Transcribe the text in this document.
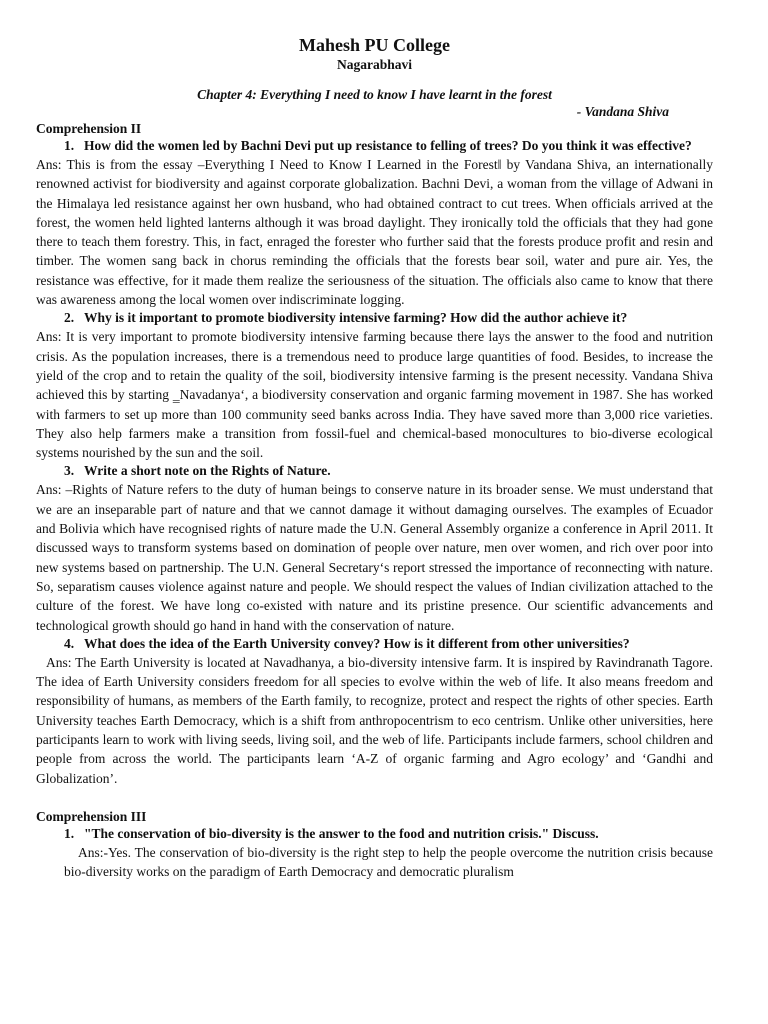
Mahesh PU College

Nagarabhavi

Chapter 4: Everything I need to know I have learnt in the forest

- Vandana Shiva

Comprehension II

1. How did the women led by Bachni Devi put up resistance to felling of trees? Do you think it was effective?

Ans: This is from the essay –Everything I Need to Know I Learned in the Forest‖ by Vandana Shiva, an internationally renowned activist for biodiversity and against corporate globalization. Bachni Devi, a woman from the village of Adwani in the Himalaya led resistance against her own husband, who had obtained contract to cut trees. When officials arrived at the forest, the women held lighted lanterns although it was broad daylight. They ironically told the officials that they had gone there to teach them forestry. This, in fact, enraged the forester who further said that the forests produce profit and resin and timber. The women sang back in chorus reminding the officials that the forests bear soil, water and pure air. Yes, the resistance was effective, for it made them realize the seriousness of the situation. The officials also came to know that there was awareness among the local women over indiscriminate logging.

2. Why is it important to promote biodiversity intensive farming? How did the author achieve it?

Ans: It is very important to promote biodiversity intensive farming because there lays the answer to the food and nutrition crisis. As the population increases, there is a tremendous need to produce large quantities of food. Besides, to increase the yield of the crop and to retain the quality of the soil, biodiversity intensive farming is the present necessity. Vandana Shiva achieved this by starting ‗Navadanya‘, a biodiversity conservation and organic farming movement in 1987. She has worked with farmers to set up more than 100 community seed banks across India. They have saved more than 3,000 rice varieties. They also help farmers make a transition from fossil-fuel and chemical-based monocultures to bio-diverse ecological systems nourished by the sun and the soil.

3. Write a short note on the Rights of Nature.

Ans: –Rights of Nature refers to the duty of human beings to conserve nature in its broader sense. We must understand that we are an inseparable part of nature and that we cannot damage it without damaging ourselves. The examples of Ecuador and Bolivia which have recognised rights of nature made the U.N. General Assembly organize a conference in April 2011. It discussed ways to transform systems based on domination of people over nature, men over women, and rich over poor into new systems based on partnership. The U.N. General Secretary‘s report stressed the importance of reconnecting with nature. So, separatism causes violence against nature and people. We should respect the values of Indian civilization attached to the culture of the forest. We have long co-existed with nature and its pristine presence. Our scientific advancements and technological growth should go hand in hand with the conservation of nature.

4. What does the idea of the Earth University convey? How is it different from other universities?

Ans: The Earth University is located at Navadhanya, a bio-diversity intensive farm. It is inspired by Ravindranath Tagore. The idea of Earth University considers freedom for all species to evolve within the web of life. It also means freedom and responsibility of humans, as members of the Earth family, to recognize, protect and respect the rights of other species. Earth University teaches Earth Democracy, which is a shift from anthropocentrism to eco centrism. Unlike other universities, here participants learn to work with living seeds, living soil, and the web of life. Participants include farmers, school children and people from across the world. The participants learn ‘A-Z of organic farming and Agro ecology’ and ‘Gandhi and Globalization’.

Comprehension III

1. "The conservation of bio-diversity is the answer to the food and nutrition crisis." Discuss.

Ans:-Yes. The conservation of bio-diversity is the right step to help the people overcome the nutrition crisis because bio-diversity works on the paradigm of Earth Democracy and democratic pluralism
